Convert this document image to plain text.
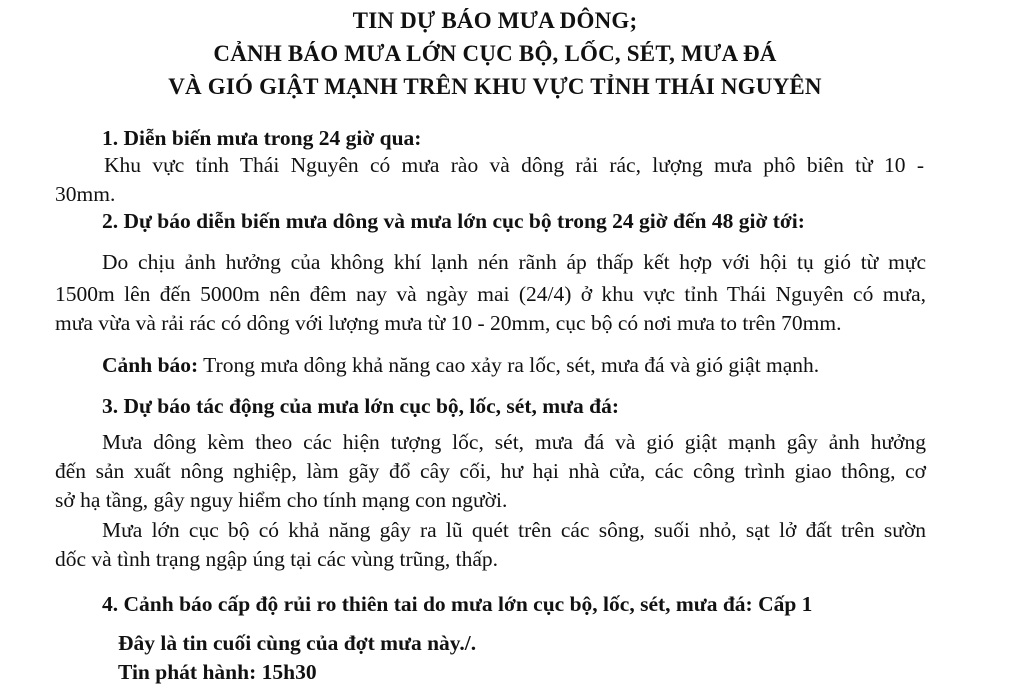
TIN DỰ BÁO MƯA DÔNG;
CẢNH BÁO MƯA LỚN CỤC BỘ, LỐC, SÉT, MƯA ĐÁ
VÀ GIÓ GIẬT MẠNH TRÊN KHU VỰC TỈNH THÁI NGUYÊN
1. Diễn biến mưa trong 24 giờ qua:
Khu vực tỉnh Thái Nguyên có mưa rào và dông rải rác, lượng mưa phô biên từ 10 -
30mm.
2. Dự báo diễn biến mưa dông và mưa lớn cục bộ trong 24 giờ đến 48 giờ tới:
Do chịu ảnh hưởng của không khí lạnh nén rãnh áp thấp kết hợp với hội tụ gió từ mực
1500m lên đến 5000m nên đêm nay và ngày mai (24/4) ở khu vực tỉnh Thái Nguyên có mưa,
mưa vừa và rải rác có dông với lượng mưa từ 10 - 20mm, cục bộ có nơi mưa to trên 70mm.
Cảnh báo: Trong mưa dông khả năng cao xảy ra lốc, sét, mưa đá và gió giật mạnh.
3. Dự báo tác động của mưa lớn cục bộ, lốc, sét, mưa đá:
Mưa dông kèm theo các hiện tượng lốc, sét, mưa đá và gió giật mạnh gây ảnh hưởng
đến sản xuất nông nghiệp, làm gãy đổ cây cối, hư hại nhà cửa, các công trình giao thông, cơ
sở hạ tầng, gây nguy hiểm cho tính mạng con người.
Mưa lớn cục bộ có khả năng gây ra lũ quét trên các sông, suối nhỏ, sạt lở đất trên sườn
dốc và tình trạng ngập úng tại các vùng trũng, thấp.
4. Cảnh báo cấp độ rủi ro thiên tai do mưa lớn cục bộ, lốc, sét, mưa đá: Cấp 1
Đây là tin cuối cùng của đợt mưa này./.
Tin phát hành: 15h30
